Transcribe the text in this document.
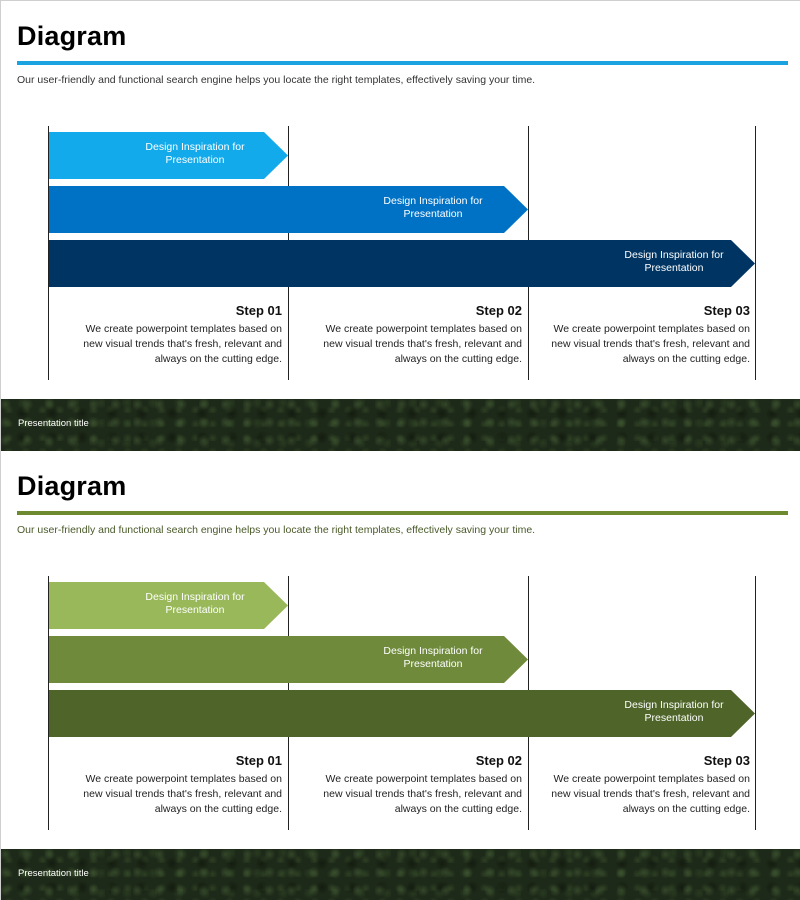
Diagram
Our user-friendly and functional search engine helps you locate the right templates, effectively saving your time.
Design Inspiration for Presentation
Design Inspiration for Presentation
Design Inspiration for Presentation
Step 01
We create powerpoint templates based on new visual trends that's fresh, relevant and always on the cutting edge.
Step 02
We create powerpoint templates based on new visual trends that's fresh, relevant and always on the cutting edge.
Step 03
We create powerpoint templates based on new visual trends that's fresh, relevant and always on the cutting edge.
Presentation title
Diagram
Our user-friendly and functional search engine helps you locate the right templates, effectively saving your time.
Design Inspiration for Presentation
Design Inspiration for Presentation
Design Inspiration for Presentation
Step 01
We create powerpoint templates based on new visual trends that's fresh, relevant and always on the cutting edge.
Step 02
We create powerpoint templates based on new visual trends that's fresh, relevant and always on the cutting edge.
Step 03
We create powerpoint templates based on new visual trends that's fresh, relevant and always on the cutting edge.
Presentation title
